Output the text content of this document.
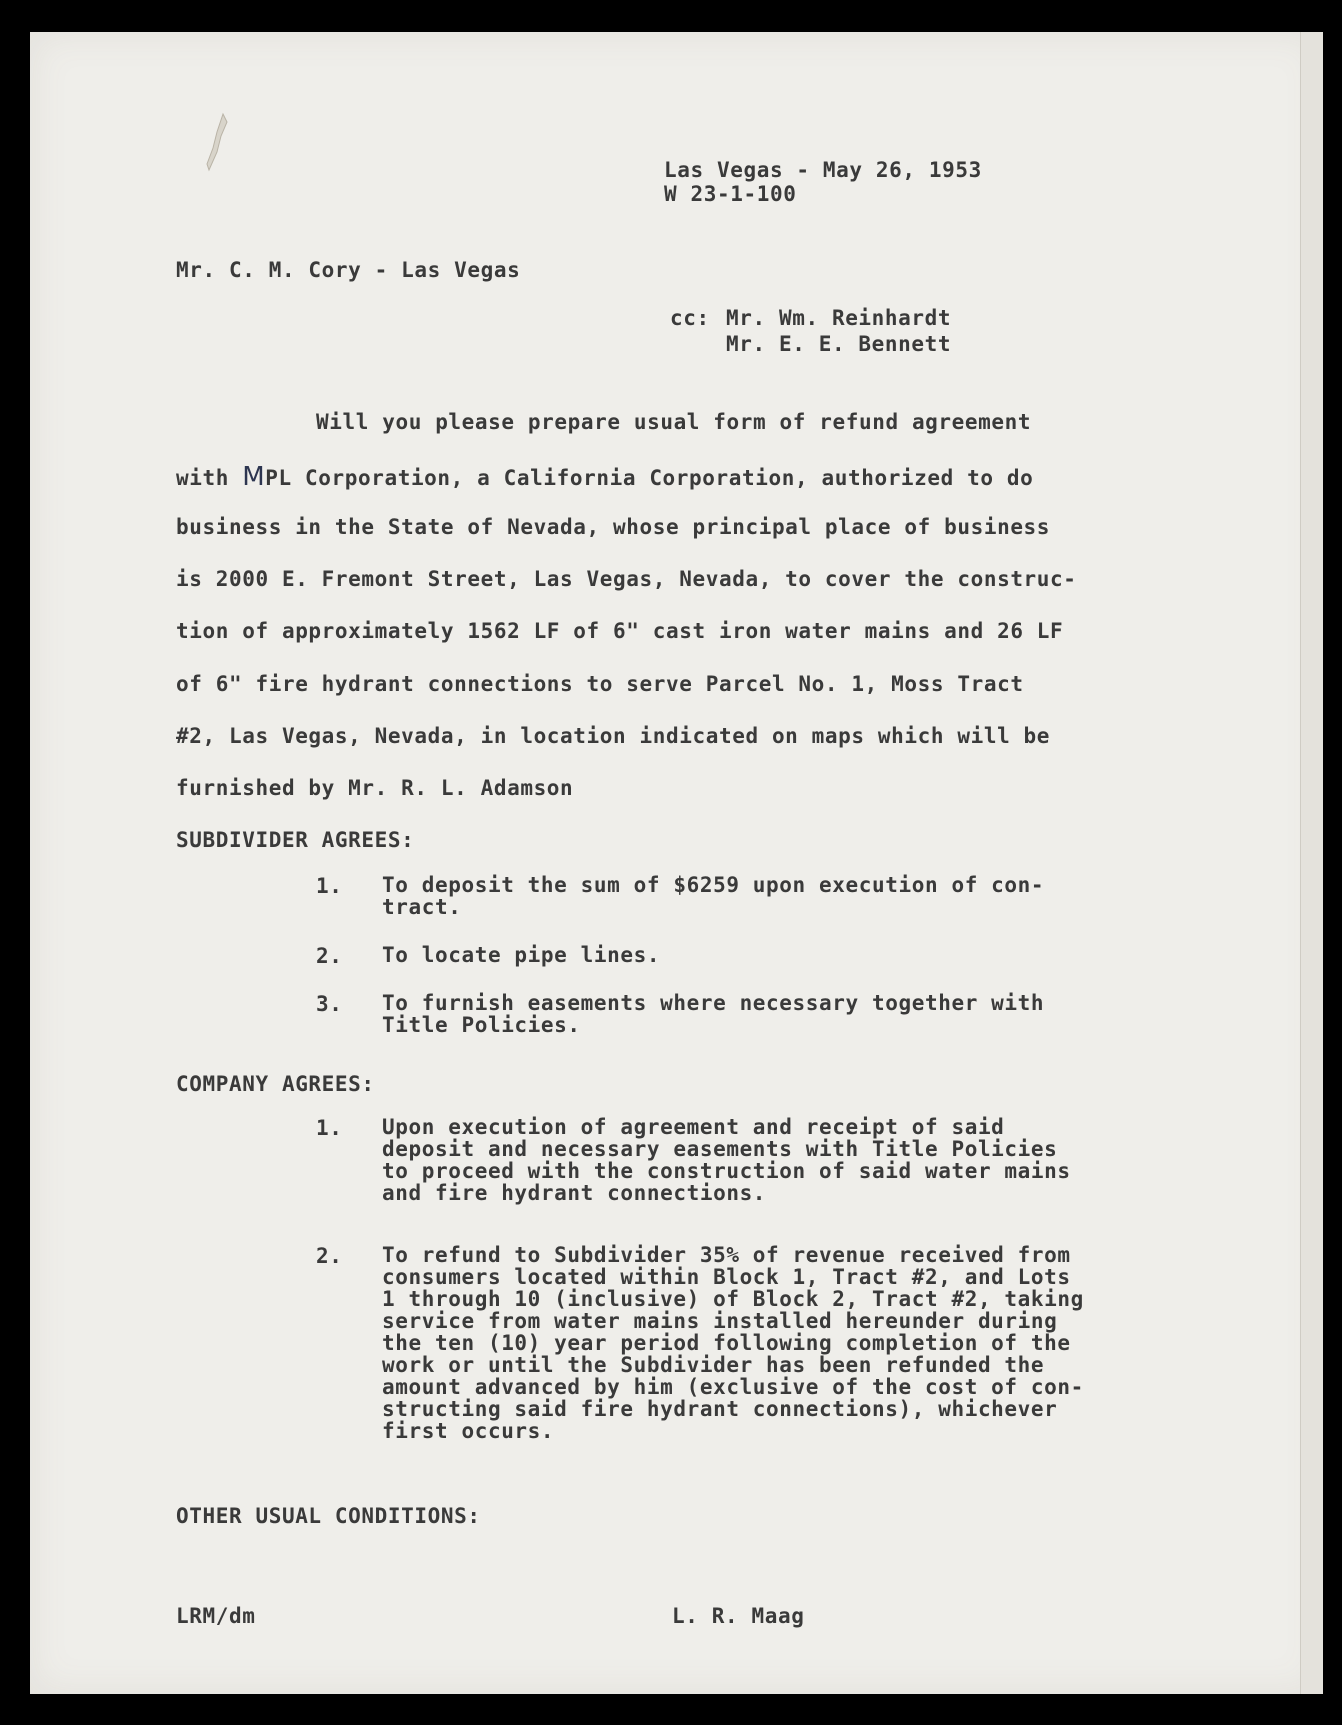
Las Vegas - May 26, 1953
W 23-1-100
Mr. C. M. Cory - Las Vegas
cc: Mr. Wm. Reinhardt
Mr. E. E. Bennett
Will you please prepare usual form of refund agreement
with MPL Corporation, a California Corporation, authorized to do
business in the State of Nevada, whose principal place of business
is 2000 E. Fremont Street, Las Vegas, Nevada, to cover the construc-
tion of approximately 1562 LF of 6" cast iron water mains and 26 LF
of 6" fire hydrant connections to serve Parcel No. 1, Moss Tract
#2, Las Vegas, Nevada, in location indicated on maps which will be
furnished by Mr. R. L. Adamson
SUBDIVIDER AGREES:
1. To deposit the sum of $6259 upon execution of con-
tract.
2. To locate pipe lines.
3. To furnish easements where necessary together with
Title Policies.
COMPANY AGREES:
1. Upon execution of agreement and receipt of said
deposit and necessary easements with Title Policies
to proceed with the construction of said water mains
and fire hydrant connections.
2. To refund to Subdivider 35% of revenue received from
consumers located within Block 1, Tract #2, and Lots
1 through 10 (inclusive) of Block 2, Tract #2, taking
service from water mains installed hereunder during
the ten (10) year period following completion of the
work or until the Subdivider has been refunded the
amount advanced by him (exclusive of the cost of con-
structing said fire hydrant connections), whichever
first occurs.
OTHER USUAL CONDITIONS:
LRM/dm	L. R. Maag
